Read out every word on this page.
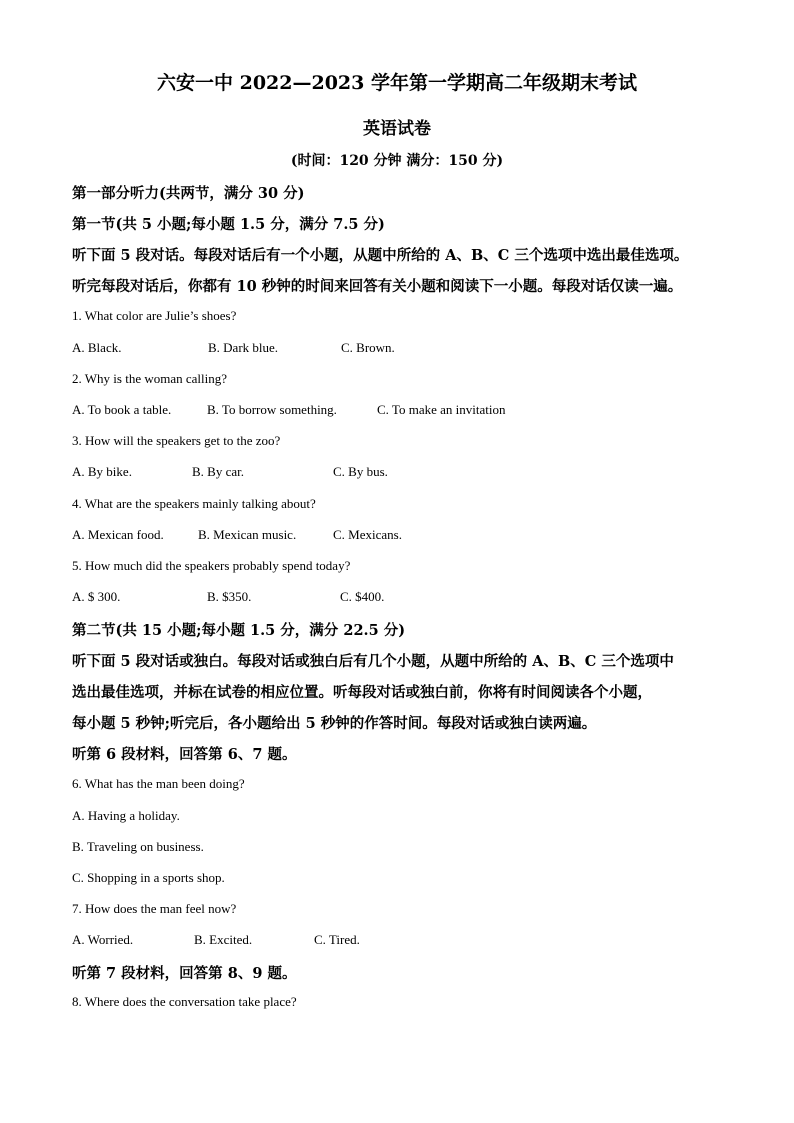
六安一中 2022—2023 学年第一学期高二年级期末考试
英语试卷
(时间：120 分钟 满分：150 分)
第一部分听力(共两节，满分 30 分)
第一节(共 5 小题;每小题 1.5 分，满分 7.5 分)
听下面 5 段对话。每段对话后有一个小题，从题中所给的 A、B、C 三个选项中选出最佳选项。
听完每段对话后，你都有 10 秒钟的时间来回答有关小题和阅读下一小题。每段对话仅读一遍。
1. What color are Julie’s shoes?
A. Black.	B. Dark blue.	C. Brown.
2. Why is the woman calling?
A. To book a table.	B. To borrow something.	C. To make an invitation
3. How will the speakers get to the zoo?
A. By bike.	B. By car.	C. By bus.
4. What are the speakers mainly talking about?
A. Mexican food.	B. Mexican music.	C. Mexicans.
5. How much did the speakers probably spend today?
A. $ 300.	B. $350.	C. $400.
第二节(共 15 小题;每小题 1.5 分，满分 22.5 分)
听下面 5 段对话或独白。每段对话或独白后有几个小题，从题中所给的 A、B、C 三个选项中
选出最佳选项，并标在试卷的相应位置。听每段对话或独白前，你将有时间阅读各个小题，
每小题 5 秒钟;听完后，各小题给出 5 秒钟的作答时间。每段对话或独白读两遍。
听第 6 段材料，回答第 6、7 题。
6. What has the man been doing?
A. Having a holiday.
B. Traveling on business.
C. Shopping in a sports shop.
7. How does the man feel now?
A. Worried.	B. Excited.	C. Tired.
听第 7 段材料，回答第 8、9 题。
8. Where does the conversation take place?
